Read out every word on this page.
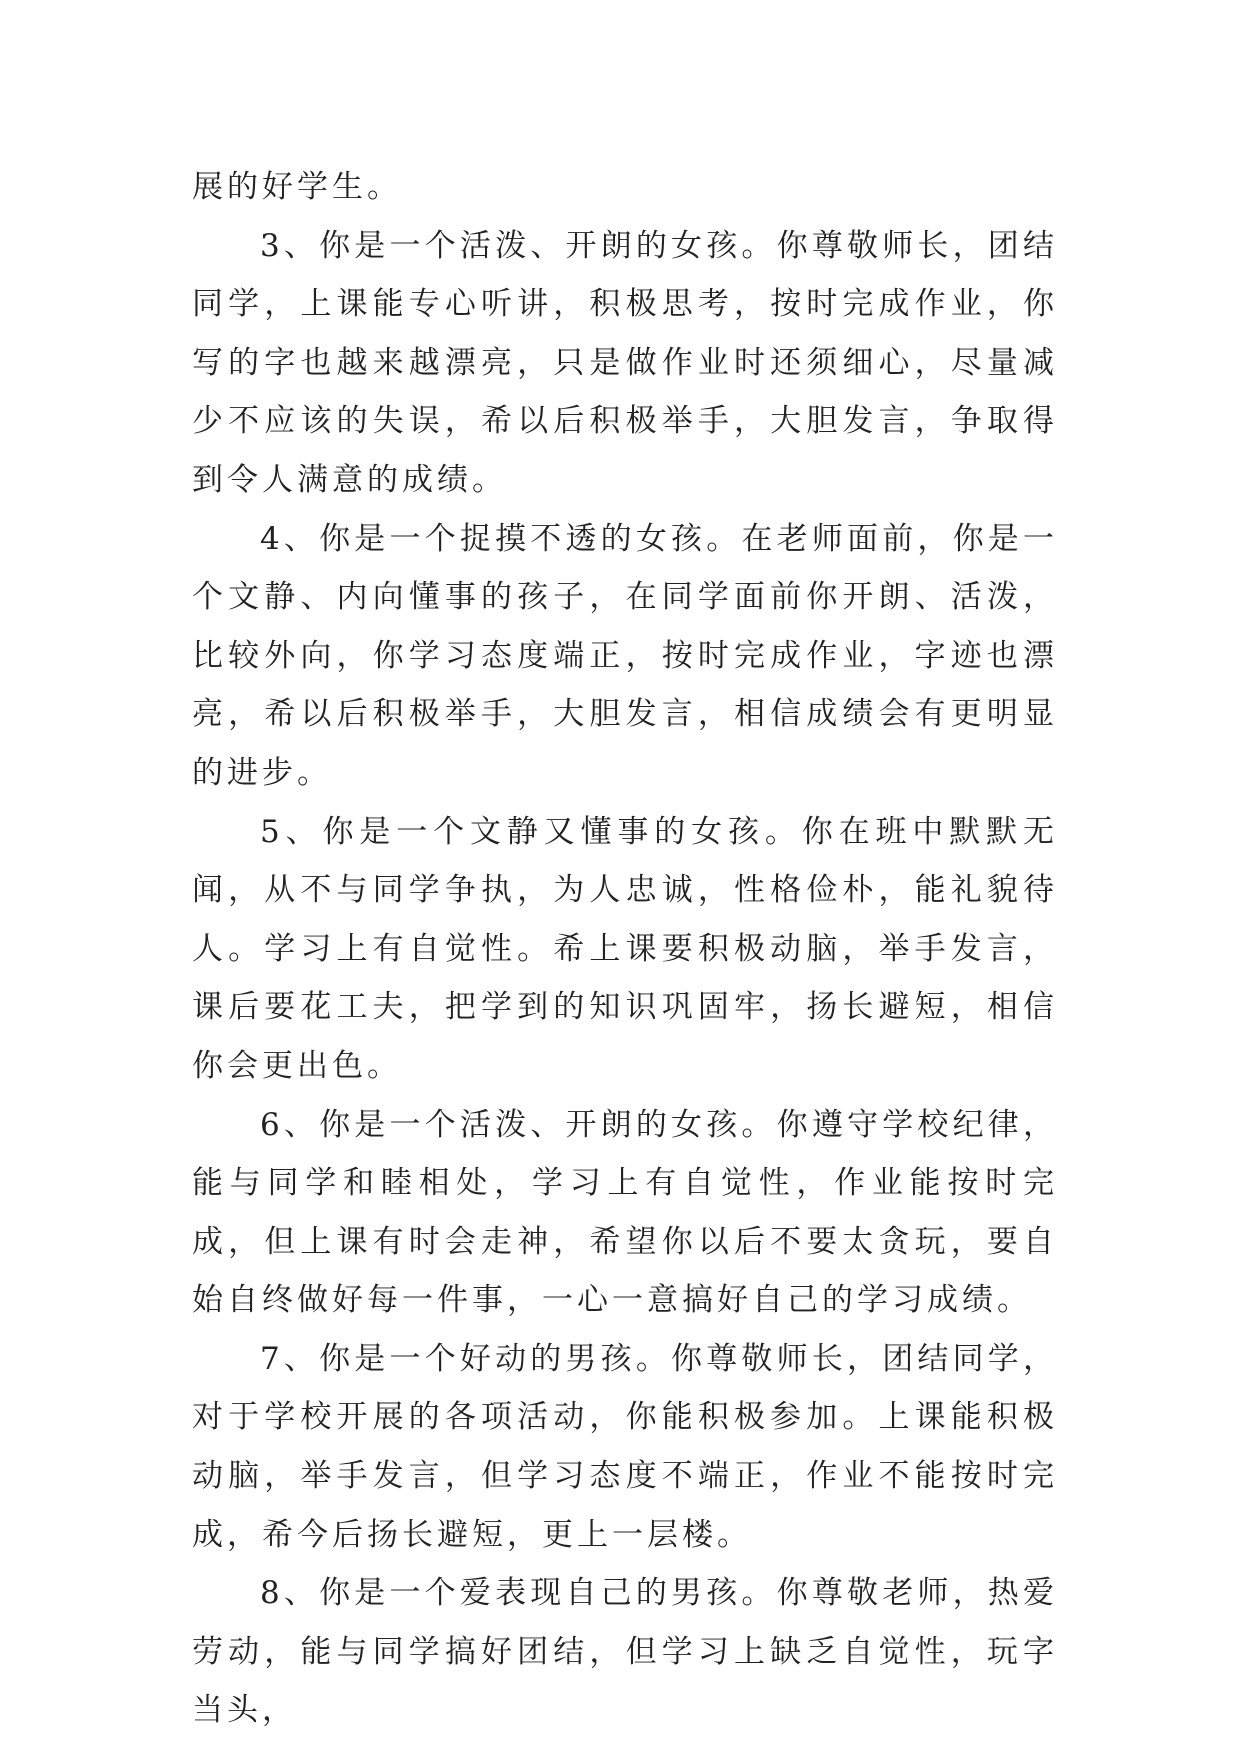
展的好学生。

3、你是一个活泼、开朗的女孩。你尊敬师长，团结同学，上课能专心听讲，积极思考，按时完成作业，你写的字也越来越漂亮，只是做作业时还须细心，尽量减少不应该的失误，希以后积极举手，大胆发言，争取得到令人满意的成绩。

4、你是一个捉摸不透的女孩。在老师面前，你是一个文静、内向懂事的孩子，在同学面前你开朗、活泼，比较外向，你学习态度端正，按时完成作业，字迹也漂亮，希以后积极举手，大胆发言，相信成绩会有更明显的进步。

5、你是一个文静又懂事的女孩。你在班中默默无闻，从不与同学争执，为人忠诚，性格俭朴，能礼貌待人。学习上有自觉性。希上课要积极动脑，举手发言，课后要花工夫，把学到的知识巩固牢，扬长避短，相信你会更出色。

6、你是一个活泼、开朗的女孩。你遵守学校纪律，能与同学和睦相处，学习上有自觉性，作业能按时完成，但上课有时会走神，希望你以后不要太贪玩，要自始自终做好每一件事，一心一意搞好自己的学习成绩。

7、你是一个好动的男孩。你尊敬师长，团结同学，对于学校开展的各项活动，你能积极参加。上课能积极动脑，举手发言，但学习态度不端正，作业不能按时完成，希今后扬长避短，更上一层楼。

8、你是一个爱表现自己的男孩。你尊敬老师，热爱劳动，能与同学搞好团结，但学习上缺乏自觉性，玩字当头，
